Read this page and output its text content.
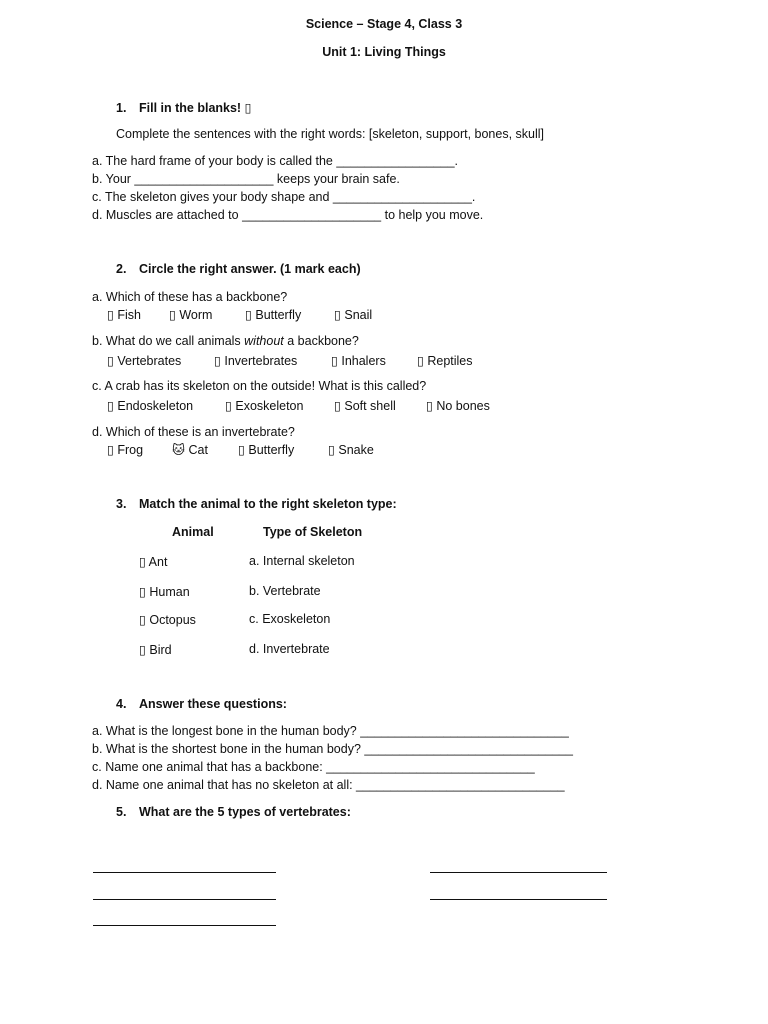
Science – Stage 4, Class 3
Unit 1: Living Things
1. Fill in the blanks! ▯
Complete the sentences with the right words: [skeleton, support, bones, skull]
a. The hard frame of your body is called the _________________.
b. Your ____________________ keeps your brain safe.
c. The skeleton gives your body shape and ____________________.
d. Muscles are attached to ____________________ to help you move.
2. Circle the right answer. (1 mark each)
a. Which of these has a backbone?
▯ Fish ▯ Worm	▯ Butterfly	▯ Snail
b. What do we call animals without a backbone?
▯ Vertebrates	▯ Invertebrates	▯ Inhalers ▯ Reptiles
c. A crab has its skeleton on the outside! What is this called?
▯ Endoskeleton	▯ Exoskeleton ▯ Soft shell ▯ No bones
d. Which of these is an invertebrate?
▯ Frog 🐱 Cat ▯ Butterfly	▯ Snake
3. Match the animal to the right skeleton type:
Animal	Type of Skeleton
▯ Ant	a. Internal skeleton
▯ Human	b. Vertebrate
▯ Octopus	c. Exoskeleton
▯ Bird	d. Invertebrate
4. Answer these questions:
a. What is the longest bone in the human body? ______________________________
b. What is the shortest bone in the human body? ______________________________
c. Name one animal that has a backbone: ______________________________
d. Name one animal that has no skeleton at all: ______________________________
5. What are the 5 types of vertebrates:
